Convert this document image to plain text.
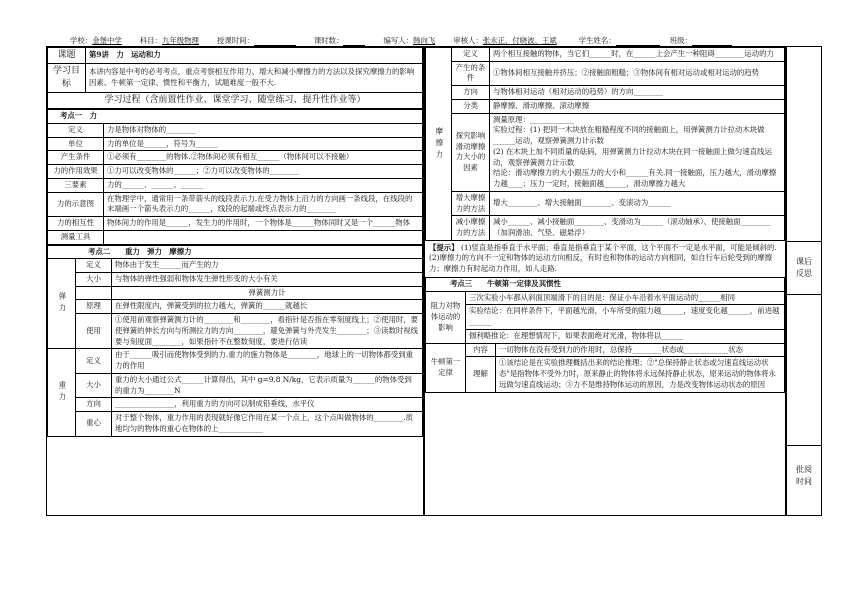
学校： 金堡中学 科目： 九年级物理 授课时间：	课时数：	编写人： 韩向飞 审核人： 张永正、付晓波、王斌	学生姓名：	班级：
课题	第9讲　力　运动和力
学习目标	本讲内容是中考的必考考点，重点考察相互作用力、增大和减小摩擦力的方法以及探究摩擦力的影响因素、牛顿第一定律、惯性和平衡力，试题难度一般不大.
学习过程（含前置性作业、课堂学习、随堂练习、提升性作业等）	
考点一　力	
定义	力是物体对物体的________
单位	力的单位是______，符号为______
产生条件	①必须有________的物体.②物体间必须有相互______（物体间可以不接触）
力的作用效果	①力可以改变物体的______；②力可以改变物体的________
三要素	力的______、______、______
力的示意图	在物理学中，通常用一条带箭头的线段表示力.在受力物体上沿力的方向画一条线段，在线段的末端画一个箭头表示力的______，线段的起端或终点表示力的________
力的相互性	物体间力的作用是______，发生力的作用时，一个物体是______物体同时又是一个______物体
测量工具	
考点二　　重力　弹力　摩擦力		
弹力	定义	物体由于发生______而产生的力
	大小	与物体的弹性强弱和物体发生弹性形变的大小有关
		弹簧测力计
	原理	在弹性限度内，弹簧受到的拉力越大，弹簧的______就越长
	使用	①使用前观察弹簧测力计的________和________，看指针是否指在零刻度线上；②使用时，要使弹簧的伸长方向与所测拉力的方向________，避免弹簧与外壳发生________；③读数时视线要与刻度面________，如果指针不在整数刻度，要进行估读
重力	定义	由于______吸引而使物体受到的力.重力的施力物体是________，地球上的一切物体都受到重力的作用
	大小	重力的大小通过公式______计算得出，其中 g=9.8 N/kg，它表示质量为______的物体受到的重力为________N
	方向	________________，利用重力的方向可以制成铅垂线、水平仪
	重心	对于整个物体，重力作用的表现就好像它作用在某一个点上，这个点叫做物体的________.质地均匀的物体的重心在物体的上____________
摩擦力	定义	两个相互接触的物体，当它们______时，在______上会产生一种阻碍________运动的力
	产生的条件	①物体间相互接触并挤压；②接触面粗糙；③物体间有相对运动或相对运动的趋势
	方向	与物体相对运动（相对运动的趋势）的方向________
	分类	静摩擦、滑动摩擦、滚动摩擦
	探究影响滑动摩擦力大小的因素	测量原理：____________
实验过程：(1) 把同一木块放在粗糙程度不同的接触面上，用弹簧测力计拉动木块做______运动，观察弹簧测力计示数
(2) 在木块上加不同质量的砝码，用弹簧测力计拉动木块在同一接触面上做匀速直线运动，观察弹簧测力计示数
结论：滑动摩擦力的大小跟压力的大小和______有关.同一接触面，压力越大，滑动摩擦力越____；压力一定时，接触面越______，滑动摩擦力越大
	增大摩擦力的方法	增大________、增大接触面________、变滚动为______
	减小摩擦力的方法	减小______、减小接触面________、变滑动为______（滚动轴承）、使接触面________（加润滑油、气垫、磁悬浮）
【提示】 (1)竖直是指垂直于水平面；垂直是指垂直于某个平面，这个平面不一定是水平面，可能是倾斜的.
(2)摩擦力的方向不一定和物体的运动方向相反，有时也和物体的运动方向相同，如自行车后轮受到的摩擦力；摩擦力有时起动力作用，如人走路.
考点三　　牛顿第一定律及其惯性		
阻力对物体运动的影响	三次实验小车都从斜面顶端滑下的目的是：保证小车沿着水平面运动的______相同	
	实验结论：在同样条件下，平面越光滑，小车所受的阻力越______，速度变化越______，前进越______	
	伽利略推论：在理想情况下，如果表面绝对光滑，物体将以______	
牛顿第一定律	内容	一切物体在没有受到力的作用时，总保持________状态或____________状态
	理解	①该结论是在实验推理概括出来的结论推理；②"总保持静止状态或匀速直线运动状态"是指物体不受外力时，原来静止的物体将永远保持静止状态，原来运动的物体将永远做匀速直线运动；③力不是维持物体运动的原因，力是改变物体运动状态的原因
课后反思
批阅时间
